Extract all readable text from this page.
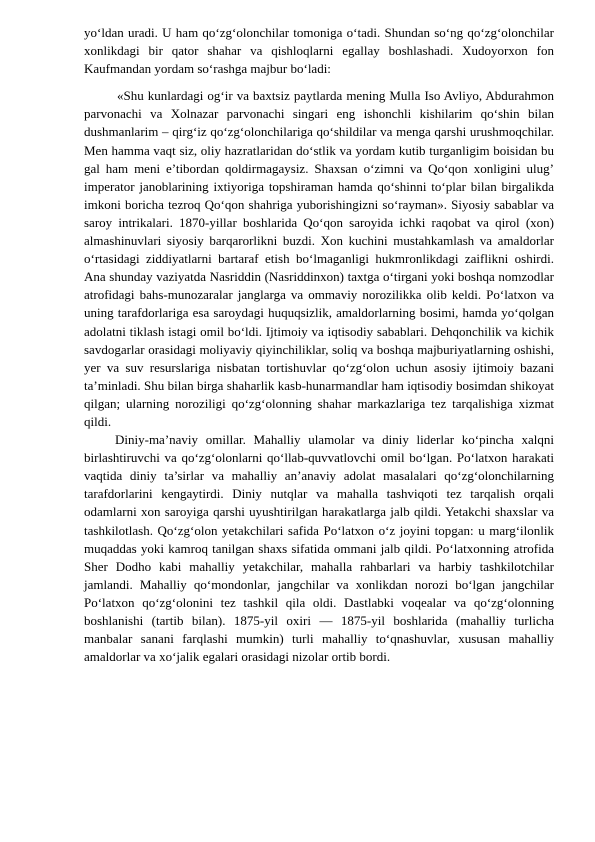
yo‘ldan uradi. U ham qo‘zg‘olonchilar tomoniga o‘tadi. Shundan so‘ng qo‘zg‘olonchilar xonlikdagi bir qator shahar va qishloqlarni egallay boshlashadi. Xudoyorxon fon Kaufmandan yordam so‘rashga majbur bo‘ladi:

«Shu kunlardagi og‘ir va baxtsiz paytlarda mening Mulla Iso Avliyo, Abdurahmon parvonachi va Xolnazar parvonachi singari eng ishonchli kishilarim qo‘shin bilan dushmanlarim – qirg‘iz qo‘zg‘olonchilariga qo‘shildilar va menga qarshi urushmoqchilar. Men hamma vaqt siz, oliy hazratlaridan do‘stlik va yordam kutib turganligim boisidan bu gal ham meni e’tibordan qoldirmagaysiz. Shaxsan o‘zimni va Qo‘qon xonligini ulug’ imperator janoblarining ixtiyoriga topshiraman hamda qo‘shinni to‘plar bilan birgalikda imkoni boricha tezroq Qo‘qon shahriga yuborishingizni so‘rayman». Siyosiy sabablar va saroy intrikalari. 1870-yillar boshlarida Qo‘qon saroyida ichki raqobat va qirol (xon) almashinuvlari siyosiy barqarorlikni buzdi. Xon kuchini mustahkamlash va amaldorlar o‘rtasidagi ziddiyatlarni bartaraf etish bo‘lmaganligi hukmronlikdagi zaiflikni oshirdi. Ana shunday vaziyatda Nasriddin (Nasriddinxon) taxtga o‘tirgani yoki boshqa nomzodlar atrofidagi bahs-munozaralar janglarga va ommaviy norozilikka olib keldi. Po‘latxon va uning tarafdorlariga esa saroydagi huquqsizlik, amaldorlarning bosimi, hamda yo‘qolgan adolatni tiklash istagi omil bo‘ldi. Ijtimoiy va iqtisodiy sabablari. Dehqonchilik va kichik savdogarlar orasidagi moliyaviy qiyinchiliklar, soliq va boshqa majburiyatlarning oshishi, yer va suv resurslariga nisbatan tortishuvlar qo‘zg‘olon uchun asosiy ijtimoiy bazani ta’minladi. Shu bilan birga shaharlik kasb-hunarmandlar ham iqtisodiy bosimdan shikoyat qilgan; ularning noroziligi qo‘zg‘olonning shahar markazlariga tez tarqalishiga xizmat qildi.

Diniy-ma’naviy omillar. Mahalliy ulamolar va diniy liderlar ko‘pincha xalqni birlashtiruvchi va qo‘zg‘olonlarni qo‘llab-quvvatlovchi omil bo‘lgan. Po‘latxon harakati vaqtida diniy ta’sirlar va mahalliy an’anaviy adolat masalalari qo‘zg‘olonchilarning tarafdorlarini kengaytirdi. Diniy nutqlar va mahalla tashviqoti tez tarqalish orqali odamlarni xon saroyiga qarshi uyushtirilgan harakatlarga jalb qildi. Yetakchi shaxslar va tashkilotlash. Qo‘zg‘olon yetakchilari safida Po‘latxon o‘z joyini topgan: u marg‘ilonlik muqaddas yoki kamroq tanilgan shaxs sifatida ommani jalb qildi. Po‘latxonning atrofida Sher Dodho kabi mahalliy yetakchilar, mahalla rahbarlari va harbiy tashkilotchilar jamlandi. Mahalliy qo‘mondonlar, jangchilar va xonlikdan norozi bo‘lgan jangchilar Po‘latxon qo‘zg‘olonini tez tashkil qila oldi. Dastlabki voqealar va qo‘zg‘olonning boshlanishi (tartib bilan). 1875-yil oxiri — 1875-yil boshlarida (mahalliy turlicha manbalar sanani farqlashi mumkin) turli mahalliy to‘qnashuvlar, xususan mahalliy amaldorlar va xo‘jalik egalari orasidagi nizolar ortib bordi.
